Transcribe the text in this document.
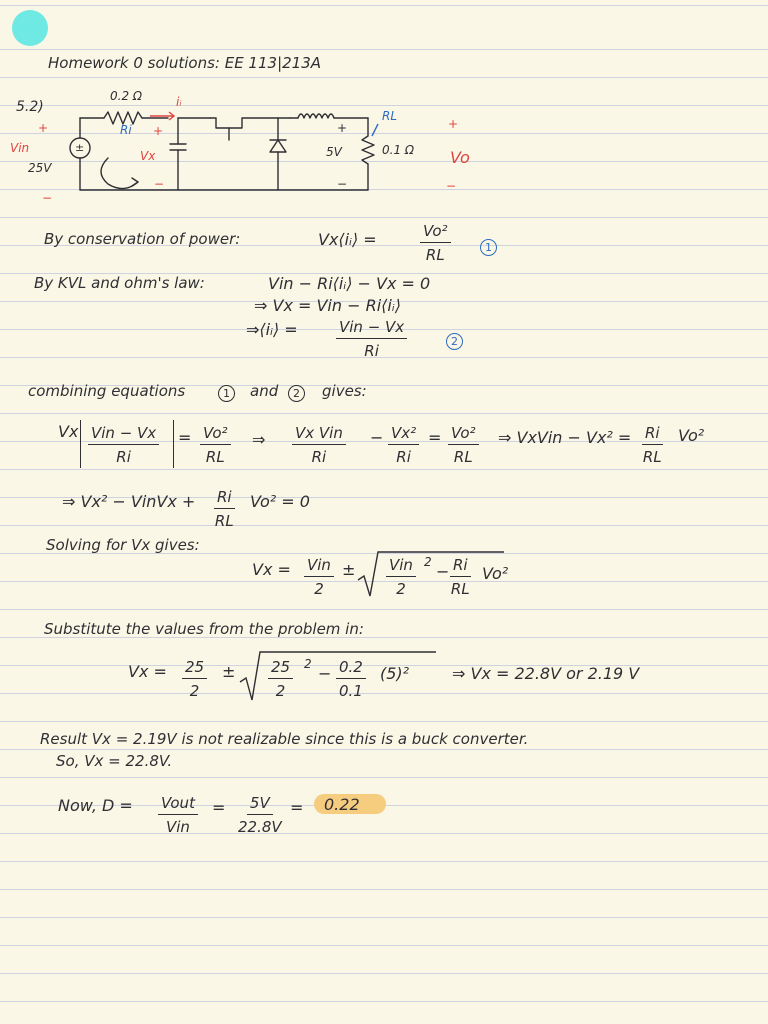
Homework 0 solutions: EE 113|213A
5.2)
0.2 Ω	iᵢ
Ri +
Vx
−
+
Vin
25V
−
±
RL
+
5V
−
0.1 Ω
+
Vo
−
By conservation of power:	Vx⟨iᵢ⟩ =	$\frac{\text{Vo²}}{RL}$	1
By KVL and ohm's law:	Vin − Ri⟨iᵢ⟩ − Vx = 0
⇒ Vx = Vin − Ri⟨iᵢ⟩
⇒⟨iᵢ⟩ =	Vin − Vx
Ri
2
combining equations	1	and	2	gives:
Vx Vin − Vx
Ri
= $\frac{\text{Vo²}}{RL}$ ⇒ Vx Vin
Ri
− $\frac{\text{Vx²}}{Ri} = \frac{\text{Vo²}}{RL}$ ⇒ VxVin − $Vx^2 = \frac{Ri}{RL} Vo^2$
⇒ Vx² − VinVx + $\frac{Ri}{RL} Vo^2 = 0$
Solving for Vx gives:
Vx = Vin
2
± Vin
2
$2 - \frac{Ri}{RL} Vo^2$
Substitute the values from the problem in:
$Vx = \frac{25}{2} \pm \frac{25}{2} 2 - \frac{0.2}{0.1} (5)^2$	⇒ Vx = 22.8V or 2.19 V
Result Vx = 2.19V is not realizable since this is a buck converter.
So, Vx = 22.8V.
Now, D = Vout
Vin
= $\frac{5V}{22.8V} = 0.22$
